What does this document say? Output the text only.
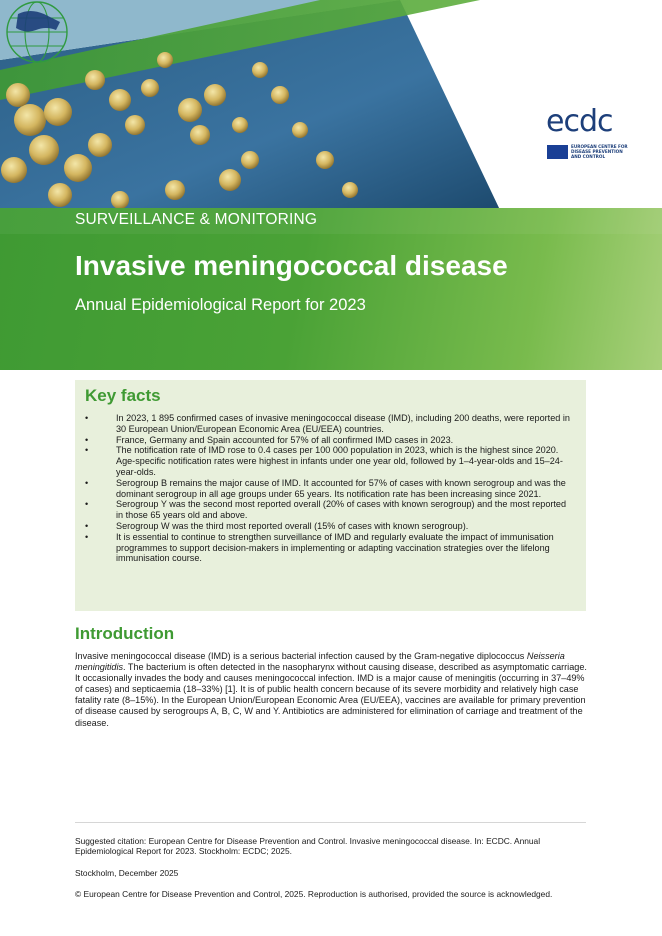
ecdc
EUROPEAN CENTRE FOR
DISEASE PREVENTION
AND CONTROL
SURVEILLANCE & MONITORING
Invasive meningococcal disease
Annual Epidemiological Report for 2023
Key facts
•	In 2023, 1 895 confirmed cases of invasive meningococcal disease (IMD), including 200 deaths, were reported in 30 European Union/European Economic Area (EU/EEA) countries.
•	France, Germany and Spain accounted for 57% of all confirmed IMD cases in 2023.
•	The notification rate of IMD rose to 0.4 cases per 100 000 population in 2023, which is the highest since 2020. Age-specific notification rates were highest in infants under one year old, followed by 1–4-year-olds and 15–24-year-olds.
•	Serogroup B remains the major cause of IMD. It accounted for 57% of cases with known serogroup and was the dominant serogroup in all age groups under 65 years. Its notification rate has been increasing since 2021.
•	Serogroup Y was the second most reported overall (20% of cases with known serogroup) and the most reported in those 65 years old and above.
•	Serogroup W was the third most reported overall (15% of cases with known serogroup).
•	It is essential to continue to strengthen surveillance of IMD and regularly evaluate the impact of immunisation programmes to support decision-makers in implementing or adapting vaccination strategies over the lifelong immunisation course.
Introduction

Invasive meningococcal disease (IMD) is a serious bacterial infection caused by the Gram-negative diplococcus Neisseria meningitidis. The bacterium is often detected in the nasopharynx without causing disease, described as asymptomatic carriage. It occasionally invades the body and causes meningococcal infection. IMD is a major cause of meningitis (occurring in 37–49% of cases) and septicaemia (18–33%) [1]. It is of public health concern because of its severe morbidity and relatively high case fatality rate (8–15%). In the European Union/European Economic Area (EU/EEA), vaccines are available for primary prevention of disease caused by serogroups A, B, C, W and Y. Antibiotics are administered for elimination of carriage and treatment of the disease.

Suggested citation: European Centre for Disease Prevention and Control. Invasive meningococcal disease. In: ECDC. Annual Epidemiological Report for 2023. Stockholm: ECDC; 2025.

Stockholm, December 2025
© European Centre for Disease Prevention and Control, 2025. Reproduction is authorised, provided the source is acknowledged.
